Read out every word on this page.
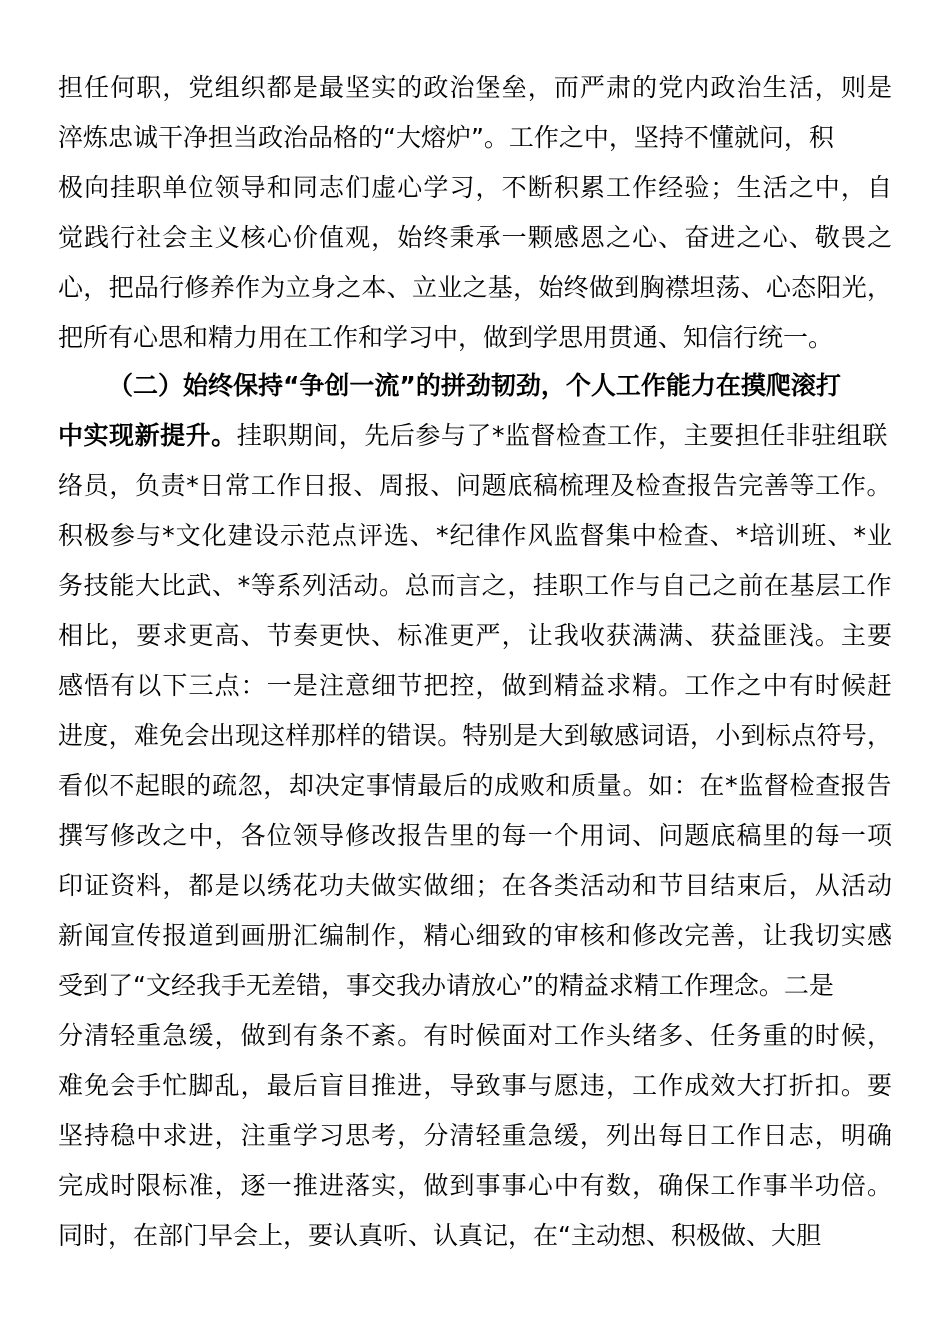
担任何职，党组织都是最坚实的政治堡垒，而严肃的党内政治生活，则是
淬炼忠诚干净担当政治品格的“大熔炉”。工作之中，坚持不懂就问，积
极向挂职单位领导和同志们虚心学习，不断积累工作经验；生活之中，自
觉践行社会主义核心价值观，始终秉承一颗感恩之心、奋进之心、敬畏之
心，把品行修养作为立身之本、立业之基，始终做到胸襟坦荡、心态阳光，
把所有心思和精力用在工作和学习中，做到学思用贯通、知信行统一。
（二）始终保持“争创一流”的拼劲韧劲，个人工作能力在摸爬滚打
中实现新提升。挂职期间，先后参与了*监督检查工作，主要担任非驻组联
络员，负责*日常工作日报、周报、问题底稿梳理及检查报告完善等工作。
积极参与*文化建设示范点评选、*纪律作风监督集中检查、*培训班、*业
务技能大比武、*等系列活动。总而言之，挂职工作与自己之前在基层工作
相比，要求更高、节奏更快、标准更严，让我收获满满、获益匪浅。主要
感悟有以下三点：一是注意细节把控，做到精益求精。工作之中有时候赶
进度，难免会出现这样那样的错误。特别是大到敏感词语，小到标点符号，
看似不起眼的疏忽，却决定事情最后的成败和质量。如：在*监督检查报告
撰写修改之中，各位领导修改报告里的每一个用词、问题底稿里的每一项
印证资料，都是以绣花功夫做实做细；在各类活动和节目结束后，从活动
新闻宣传报道到画册汇编制作，精心细致的审核和修改完善，让我切实感
受到了“文经我手无差错，事交我办请放心”的精益求精工作理念。二是
分清轻重急缓，做到有条不紊。有时候面对工作头绪多、任务重的时候，
难免会手忙脚乱，最后盲目推进，导致事与愿违，工作成效大打折扣。要
坚持稳中求进，注重学习思考，分清轻重急缓，列出每日工作日志，明确
完成时限标准，逐一推进落实，做到事事心中有数，确保工作事半功倍。
同时，在部门早会上，要认真听、认真记，在“主动想、积极做、大胆
